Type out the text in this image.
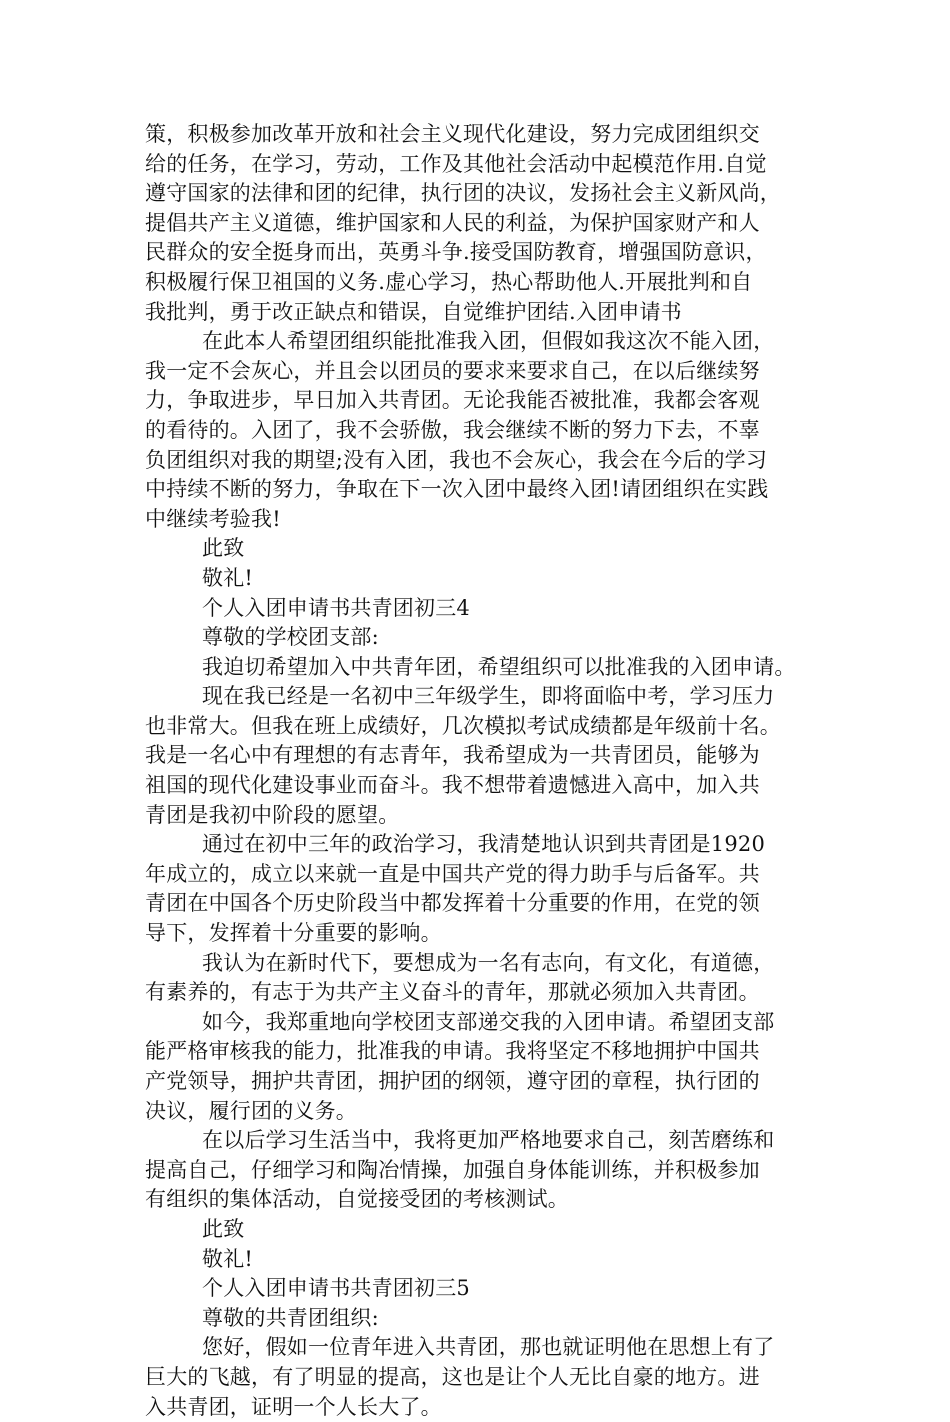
策，积极参加改革开放和社会主义现代化建设，努力完成团组织交
给的任务，在学习，劳动，工作及其他社会活动中起模范作用.自觉
遵守国家的法律和团的纪律，执行团的决议，发扬社会主义新风尚，
提倡共产主义道德，维护国家和人民的利益，为保护国家财产和人
民群众的安全挺身而出，英勇斗争.接受国防教育，增强国防意识，
积极履行保卫祖国的义务.虚心学习，热心帮助他人.开展批判和自
我批判，勇于改正缺点和错误，自觉维护团结.入团申请书
在此本人希望团组织能批准我入团，但假如我这次不能入团，
我一定不会灰心，并且会以团员的要求来要求自己，在以后继续努
力，争取进步，早日加入共青团。无论我能否被批准，我都会客观
的看待的。入团了，我不会骄傲，我会继续不断的努力下去，不辜
负团组织对我的期望;没有入团，我也不会灰心，我会在今后的学习
中持续不断的努力，争取在下一次入团中最终入团!请团组织在实践
中继续考验我!
此致
敬礼!
个人入团申请书共青团初三4
尊敬的学校团支部:
我迫切希望加入中共青年团，希望组织可以批准我的入团申请。
现在我已经是一名初中三年级学生，即将面临中考，学习压力
也非常大。但我在班上成绩好，几次模拟考试成绩都是年级前十名。
我是一名心中有理想的有志青年，我希望成为一共青团员，能够为
祖国的现代化建设事业而奋斗。我不想带着遗憾进入高中，加入共
青团是我初中阶段的愿望。
通过在初中三年的政治学习，我清楚地认识到共青团是1920
年成立的，成立以来就一直是中国共产党的得力助手与后备军。共
青团在中国各个历史阶段当中都发挥着十分重要的作用，在党的领
导下，发挥着十分重要的影响。
我认为在新时代下，要想成为一名有志向，有文化，有道德，
有素养的，有志于为共产主义奋斗的青年，那就必须加入共青团。
如今，我郑重地向学校团支部递交我的入团申请。希望团支部
能严格审核我的能力，批准我的申请。我将坚定不移地拥护中国共
产党领导，拥护共青团，拥护团的纲领，遵守团的章程，执行团的
决议，履行团的义务。
在以后学习生活当中，我将更加严格地要求自己，刻苦磨练和
提高自己，仔细学习和陶冶情操，加强自身体能训练，并积极参加
有组织的集体活动，自觉接受团的考核测试。
此致
敬礼!
个人入团申请书共青团初三5
尊敬的共青团组织:
您好，假如一位青年进入共青团，那也就证明他在思想上有了
巨大的飞越，有了明显的提高，这也是让个人无比自豪的地方。进
入共青团，证明一个人长大了。
